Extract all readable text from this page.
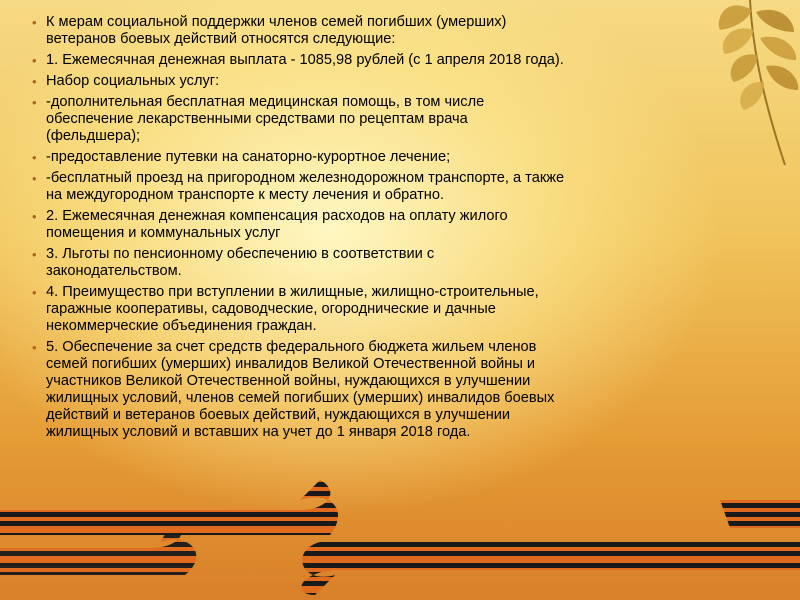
• К мерам социальной поддержки членов семей погибших (умерших)
ветеранов боевых действий относятся следующие:
• 1. Ежемесячная денежная выплата - 1085,98 рублей (с 1 апреля 2018 года).
• Набор социальных услуг:
• -дополнительная бесплатная медицинская помощь, в том числе
обеспечение лекарственными средствами по рецептам врача
(фельдшера);
• -предоставление путевки на санаторно-курортное лечение;
• -бесплатный проезд на пригородном железнодорожном транспорте, а также
на междугородном транспорте к месту лечения и обратно.
• 2. Ежемесячная денежная компенсация расходов на оплату жилого
помещения и коммунальных услуг
• 3. Льготы по пенсионному обеспечению в соответствии с
законодательством.
• 4. Преимущество при вступлении в жилищные, жилищно-строительные,
гаражные кооперативы, садоводческие, огороднические и дачные
некоммерческие объединения граждан.
• 5. Обеспечение за счет средств федерального бюджета жильем членов
семей погибших (умерших) инвалидов Великой Отечественной войны и
участников Великой Отечественной войны, нуждающихся в улучшении
жилищных условий, членов семей погибших (умерших) инвалидов боевых
действий и ветеранов боевых действий, нуждающихся в улучшении
жилищных условий и вставших на учет до 1 января 2018 года.
